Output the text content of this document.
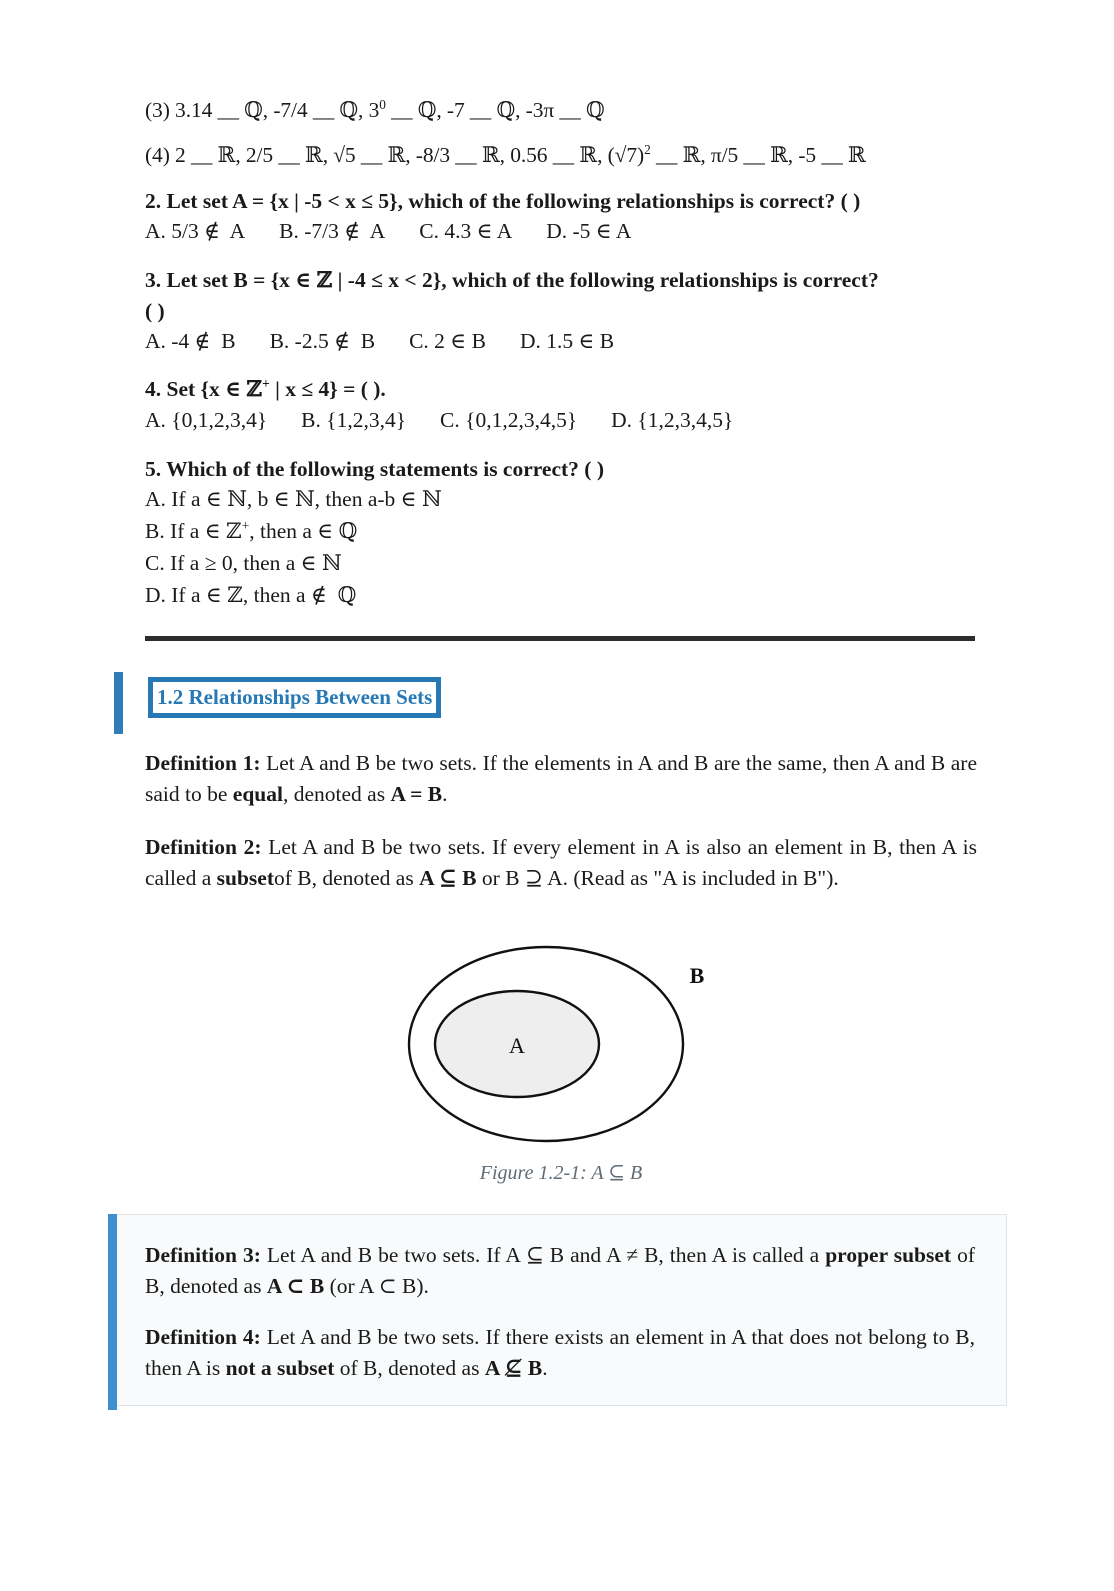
(3) 3.14 __ ℚ, -7/4 __ ℚ, $3^0$ __ ℚ, -7 __ ℚ, -3π __ ℚ

(4) 2 __ ℝ, 2/5 __ ℝ, √5 __ ℝ, -8/3 __ ℝ, 0.56 __ ℝ, $(√7)^2$ __ ℝ, π/5 __ ℝ, -5 __ ℝ

2. Let set A = {x | -5 < x ≤ 5}, which of the following relationships is correct? ( )

A. 5/3 ∉  A B. -7/3 ∉  A C. 4.3 ∈ A D. -5 ∈ A

3. Let set B = {x ∈ ℤ | -4 ≤ x < 2}, which of the following relationships is correct?

( )

A. -4 ∉  B B. -2.5 ∉  B C. 2 ∈ B D. 1.5 ∈ B

4. Set {x ∈ ℤ+ | x ≤ 4} = ( ).

A. {0,1,2,3,4} B. {1,2,3,4} C. {0,1,2,3,4,5} D. {1,2,3,4,5}

5. Which of the following statements is correct? ( )

A. If a ∈ ℕ, b ∈ ℕ, then a-b ∈ ℕ

B. If a ∈ ℤ+, then a ∈ ℚ

C. If a ≥ 0, then a ∈ ℕ

D. If a ∈ ℤ, then a ∉  ℚ

1.2 Relationships Between Sets

Definition 1: Let A and B be two sets. If the elements in A and B are the same, then A and B are said to be equal, denoted as A = B.

Definition 2: Let A and B be two sets. If every element in A is also an element in B, then A is called a subsetof B, denoted as A ⊆ B or B ⊇ A. (Read as "A is included in B").

A
B
Figure 1.2-1: A ⊆ B

Definition 3: Let A and B be two sets. If A ⊆ B and A ≠ B, then A is called a proper subset of B, denoted as A ⊂ B (or A ⊂ B).

Definition 4: Let A and B be two sets. If there exists an element in A that does not belong to B, then A is not a subset of B, denoted as A ⊈ B.
